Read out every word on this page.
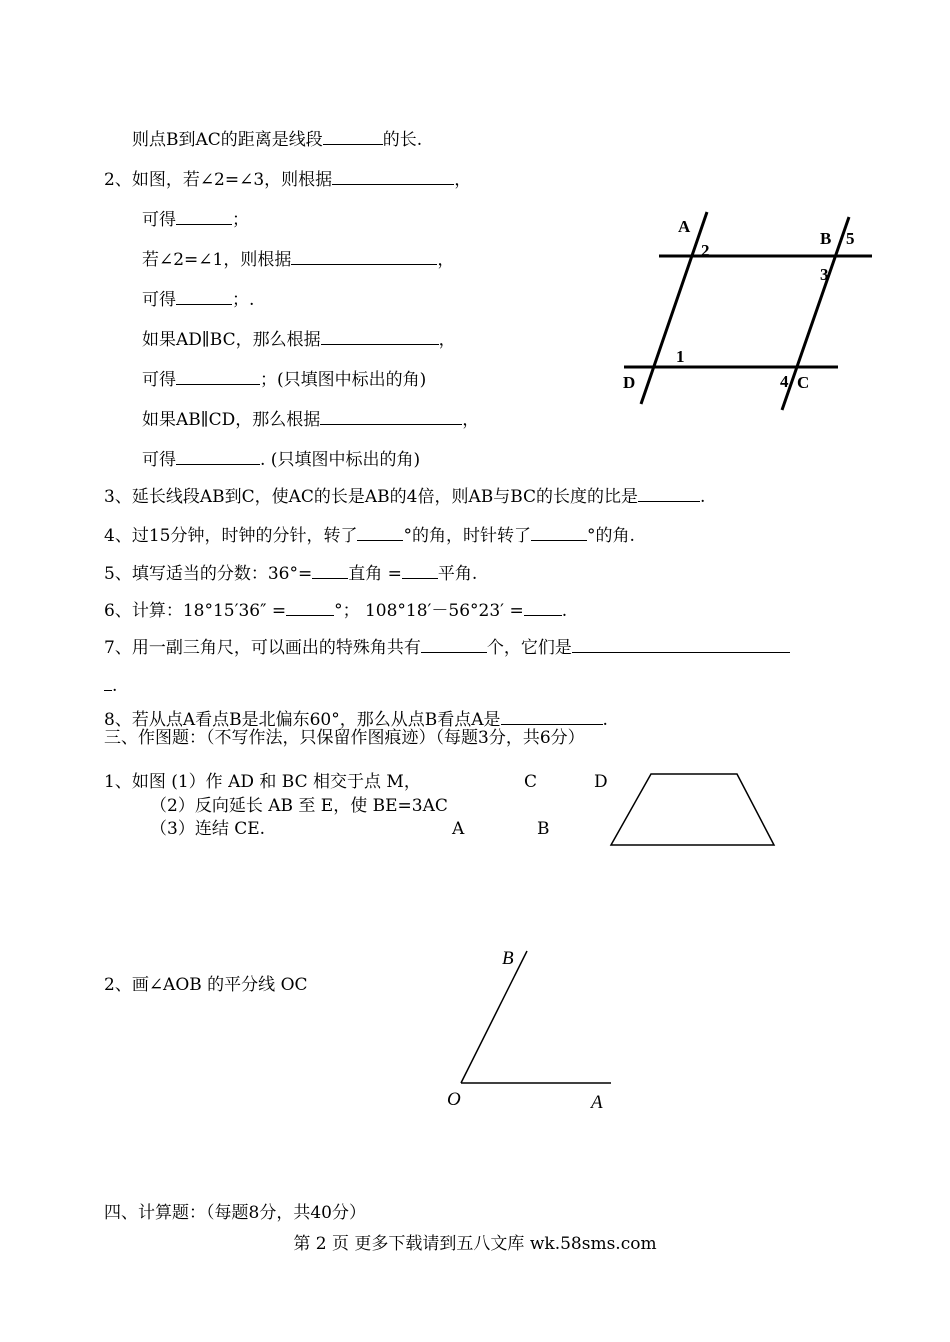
则点B到AC的距离是线段	的长.
2、如图，若∠2=∠3，则根据	，
可得	；
若∠2=∠1，则根据	，
可得	；.
如果AD∥BC，那么根据	，
可得	；(只填图中标出的角)
如果AB∥CD，那么根据	，
可得	. (只填图中标出的角)
A
2
B 5
3
1
D	4 C
3、延长线段AB到C，使AC的长是AB的4倍，则AB与BC的长度的比是	.
4、过15分钟，时钟的分针，转了	°的角，时针转了	°的角.
5、填写适当的分数：36°= 直角 = 平角.
6、计算：18°15′36″ =	°； 108°18′－56°23′ = .
7、用一副三角尺，可以画出的特殊角共有	个，它们是
.
8、若从点A看点B是北偏东60°，那么从点B看点A是	.
三、作图题：（不写作法，只保留作图痕迹）（每题3分，共6分）
1、如图 (1）作 AD 和 BC 相交于点 M，
（2）反向延长 AB 至 E，使 BE=3AC
（3）连结 CE.
C	D
A	B
2、画∠AOB 的平分线 OC
B
O	A
四、计算题：（每题8分，共40分）
第 2 页 更多下载请到五八文库 wk.58sms.com
